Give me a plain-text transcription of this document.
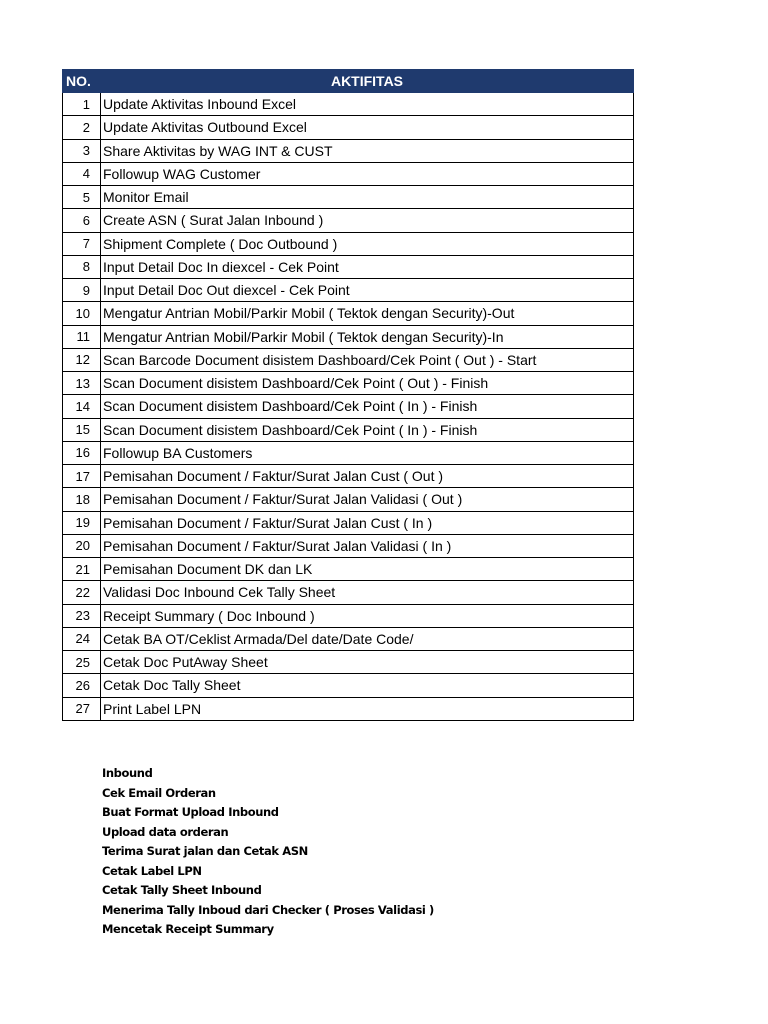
NO.	AKTIFITAS
1	Update Aktivitas Inbound Excel
2	Update Aktivitas Outbound Excel
3	Share Aktivitas by WAG INT & CUST
4	Followup WAG Customer
5	Monitor Email
6	Create ASN ( Surat Jalan Inbound )
7	Shipment Complete ( Doc Outbound )
8	Input Detail Doc In diexcel - Cek Point
9	Input Detail Doc Out diexcel - Cek Point
10	Mengatur Antrian Mobil/Parkir Mobil ( Tektok dengan Security)-Out
11	Mengatur Antrian Mobil/Parkir Mobil ( Tektok dengan Security)-In
12	Scan Barcode Document disistem Dashboard/Cek Point ( Out ) - Start
13	Scan Document disistem Dashboard/Cek Point ( Out ) - Finish
14	Scan Document disistem Dashboard/Cek Point ( In ) - Finish
15	Scan Document disistem Dashboard/Cek Point ( In ) - Finish
16	Followup BA Customers
17	Pemisahan Document / Faktur/Surat Jalan Cust ( Out )
18	Pemisahan Document / Faktur/Surat Jalan Validasi ( Out )
19	Pemisahan Document / Faktur/Surat Jalan Cust ( In )
20	Pemisahan Document / Faktur/Surat Jalan Validasi ( In )
21	Pemisahan Document DK dan LK
22	Validasi Doc Inbound Cek Tally Sheet
23	Receipt Summary ( Doc Inbound )
24	Cetak BA OT/Ceklist Armada/Del date/Date Code/
25	Cetak Doc PutAway Sheet
26	Cetak Doc Tally Sheet
27	Print Label LPN
Inbound
Cek Email Orderan
Buat Format Upload Inbound
Upload data orderan
Terima Surat jalan dan Cetak ASN
Cetak Label LPN
Cetak Tally Sheet Inbound
Menerima Tally Inboud dari Checker ( Proses Validasi )
Mencetak Receipt Summary
